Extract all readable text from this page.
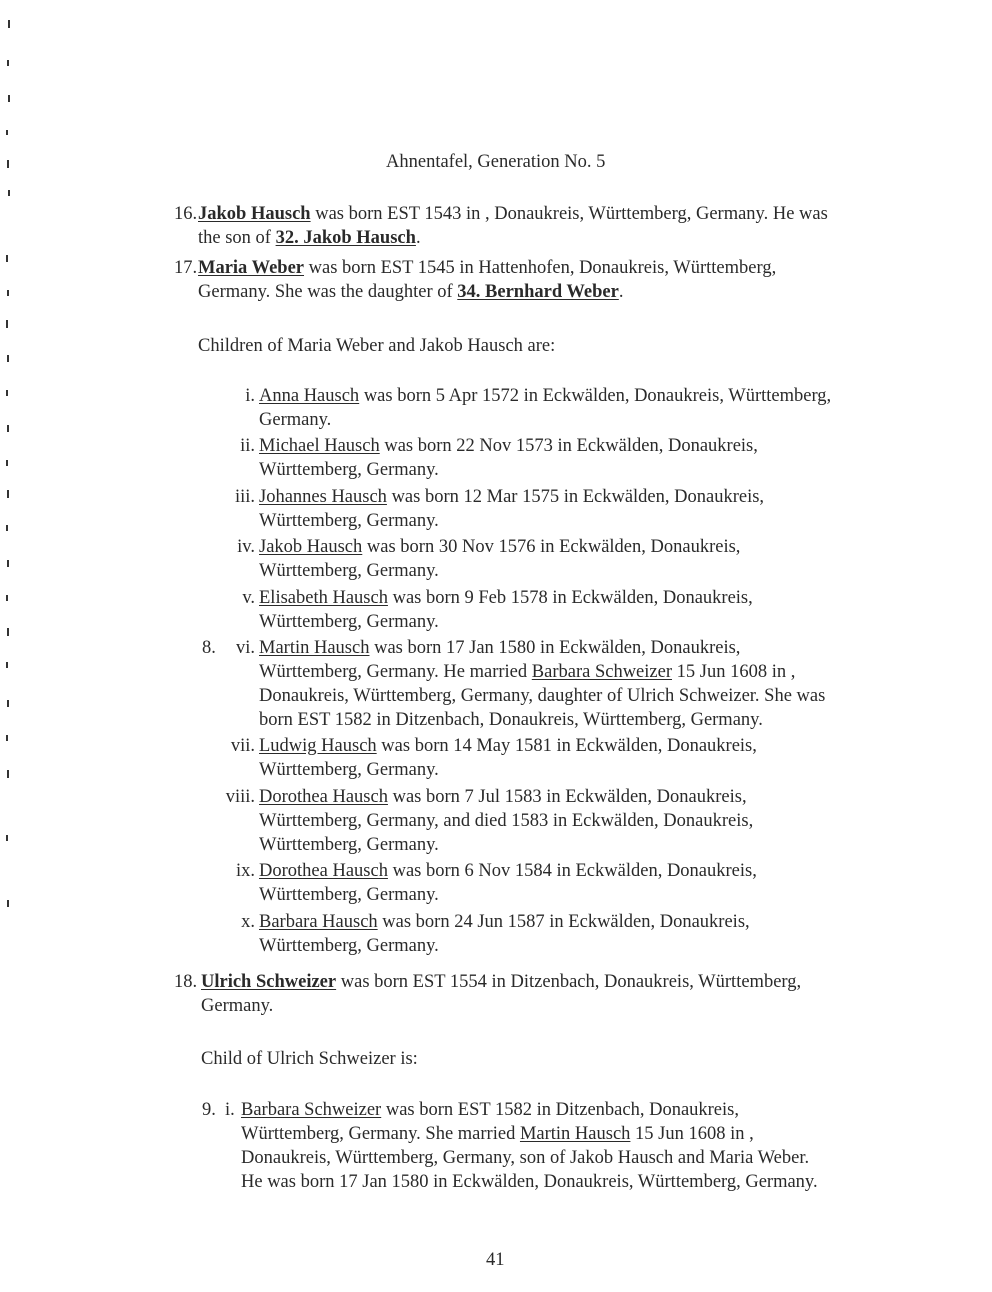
Ahnentafel, Generation No. 5
16. Jakob Hausch was born EST 1543 in , Donaukreis, Württemberg, Germany. He was
the son of 32. Jakob Hausch.
17. Maria Weber was born EST 1545 in Hattenhofen, Donaukreis, Württemberg,
Germany. She was the daughter of 34. Bernhard Weber.
Children of Maria Weber and Jakob Hausch are:
i. Anna Hausch was born 5 Apr 1572 in Eckwälden, Donaukreis, Württemberg,
Germany.
ii. Michael Hausch was born 22 Nov 1573 in Eckwälden, Donaukreis,
Württemberg, Germany.
iii. Johannes Hausch was born 12 Mar 1575 in Eckwälden, Donaukreis,
Württemberg, Germany.
iv. Jakob Hausch was born 30 Nov 1576 in Eckwälden, Donaukreis,
Württemberg, Germany.
v. Elisabeth Hausch was born 9 Feb 1578 in Eckwälden, Donaukreis,
Württemberg, Germany.
8. vi. Martin Hausch was born 17 Jan 1580 in Eckwälden, Donaukreis,
Württemberg, Germany. He married Barbara Schweizer 15 Jun 1608 in ,
Donaukreis, Württemberg, Germany, daughter of Ulrich Schweizer. She was
born EST 1582 in Ditzenbach, Donaukreis, Württemberg, Germany.
vii. Ludwig Hausch was born 14 May 1581 in Eckwälden, Donaukreis,
Württemberg, Germany.
viii. Dorothea Hausch was born 7 Jul 1583 in Eckwälden, Donaukreis,
Württemberg, Germany, and died 1583 in Eckwälden, Donaukreis,
Württemberg, Germany.
ix. Dorothea Hausch was born 6 Nov 1584 in Eckwälden, Donaukreis,
Württemberg, Germany.
x. Barbara Hausch was born 24 Jun 1587 in Eckwälden, Donaukreis,
Württemberg, Germany.
18. Ulrich Schweizer was born EST 1554 in Ditzenbach, Donaukreis, Württemberg,
Germany.
Child of Ulrich Schweizer is:
9. i. Barbara Schweizer was born EST 1582 in Ditzenbach, Donaukreis,
Württemberg, Germany. She married Martin Hausch 15 Jun 1608 in ,
Donaukreis, Württemberg, Germany, son of Jakob Hausch and Maria Weber.
He was born 17 Jan 1580 in Eckwälden, Donaukreis, Württemberg, Germany.
41
